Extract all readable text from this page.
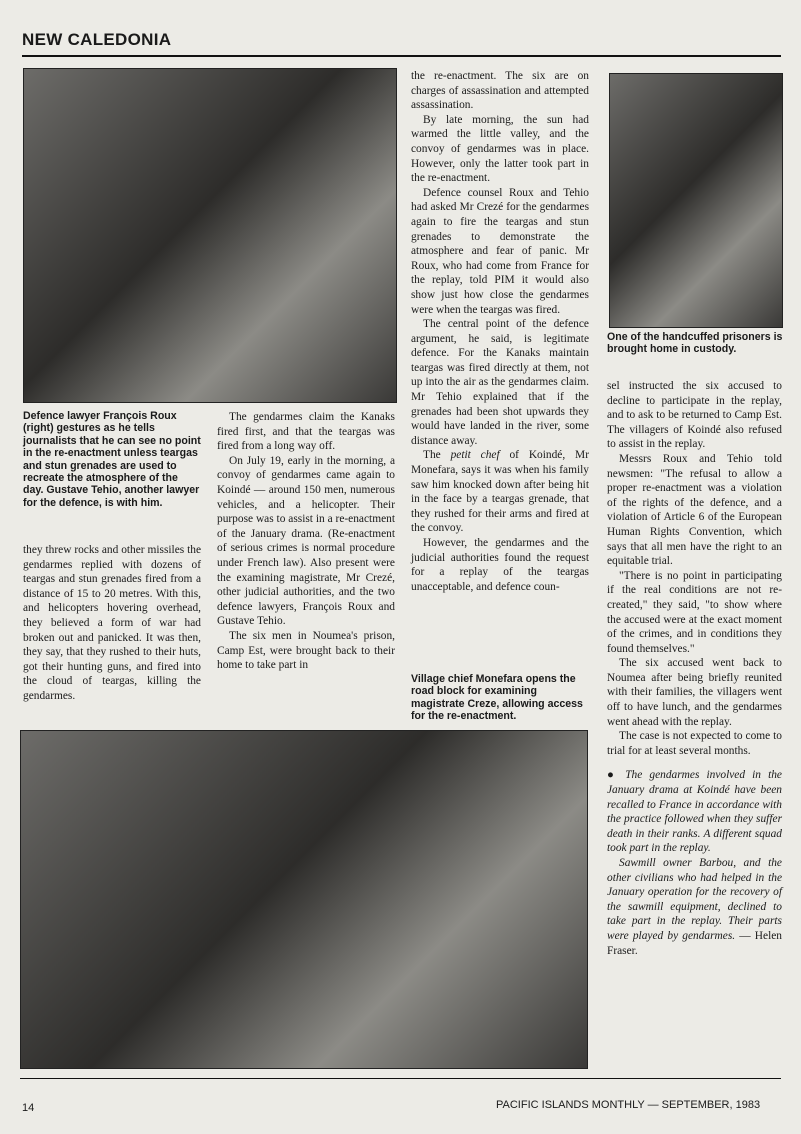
NEW CALEDONIA
Defence lawyer François Roux (right) gestures as he tells journalists that he can see no point in the re-enactment unless teargas and stun grenades are used to recreate the atmosphere of the day. Gustave Tehio, another lawyer for the defence, is with him.
One of the handcuffed prisoners is brought home in custody.
Village chief Monefara opens the road block for examining magistrate Creze, allowing access for the re-enactment.

they threw rocks and other missiles the gendarmes replied with dozens of teargas and stun grenades fired from a distance of 15 to 20 metres. With this, and helicopters hovering overhead, they believed a form of war had broken out and panicked. It was then, they say, that they rushed to their huts, got their hunting guns, and fired into the cloud of teargas, killing the gendarmes.

The gendarmes claim the Kanaks fired first, and that the teargas was fired from a long way off.

On July 19, early in the morning, a convoy of gendarmes came again to Koindé — around 150 men, numerous vehicles, and a helicopter. Their purpose was to assist in a re-enactment of the January drama. (Re-enactment of serious crimes is normal procedure under French law). Also present were the examining magistrate, Mr Crezé, other judicial authorities, and the two defence lawyers, François Roux and Gustave Tehio.

The six men in Noumea's prison, Camp Est, were brought back to their home to take part in

the re-enactment. The six are on charges of assassination and attempted assassination.

By late morning, the sun had warmed the little valley, and the convoy of gendarmes was in place. However, only the latter took part in the re-enactment.

Defence counsel Roux and Tehio had asked Mr Crezé for the gendarmes again to fire the teargas and stun grenades to demonstrate the atmosphere and fear of panic. Mr Roux, who had come from France for the replay, told PIM it would also show just how close the gendarmes were when the teargas was fired.

The central point of the defence argument, he said, is legitimate defence. For the Kanaks maintain teargas was fired directly at them, not up into the air as the gendarmes claim. Mr Tehio explained that if the grenades had been shot upwards they would have landed in the river, some distance away.

The petit chef of Koindé, Mr Monefara, says it was when his family saw him knocked down after being hit in the face by a teargas grenade, that they rushed for their arms and fired at the convoy.

However, the gendarmes and the judicial authorities found the request for a replay of the teargas unacceptable, and defence coun-

sel instructed the six accused to decline to participate in the replay, and to ask to be returned to Camp Est. The villagers of Koindé also refused to assist in the replay.

Messrs Roux and Tehio told newsmen: "The refusal to allow a proper re-enactment was a violation of the rights of the defence, and a violation of Article 6 of the European Human Rights Convention, which says that all men have the right to an equitable trial.

"There is no point in participating if the real conditions are not re-created," they said, "to show where the accused were at the exact moment of the crimes, and in conditions they found themselves."

The six accused went back to Noumea after being briefly reunited with their families, the villagers went off to have lunch, and the gendarmes went ahead with the replay.

The case is not expected to come to trial for at least several months.

● The gendarmes involved in the January drama at Koindé have been recalled to France in accordance with the practice followed when they suffer death in their ranks. A different squad took part in the replay.

Sawmill owner Barbou, and the other civilians who had helped in the January operation for the recovery of the sawmill equipment, declined to take part in the replay. Their parts were played by gendarmes. — Helen Fraser.

14	PACIFIC ISLANDS MONTHLY — SEPTEMBER, 1983
